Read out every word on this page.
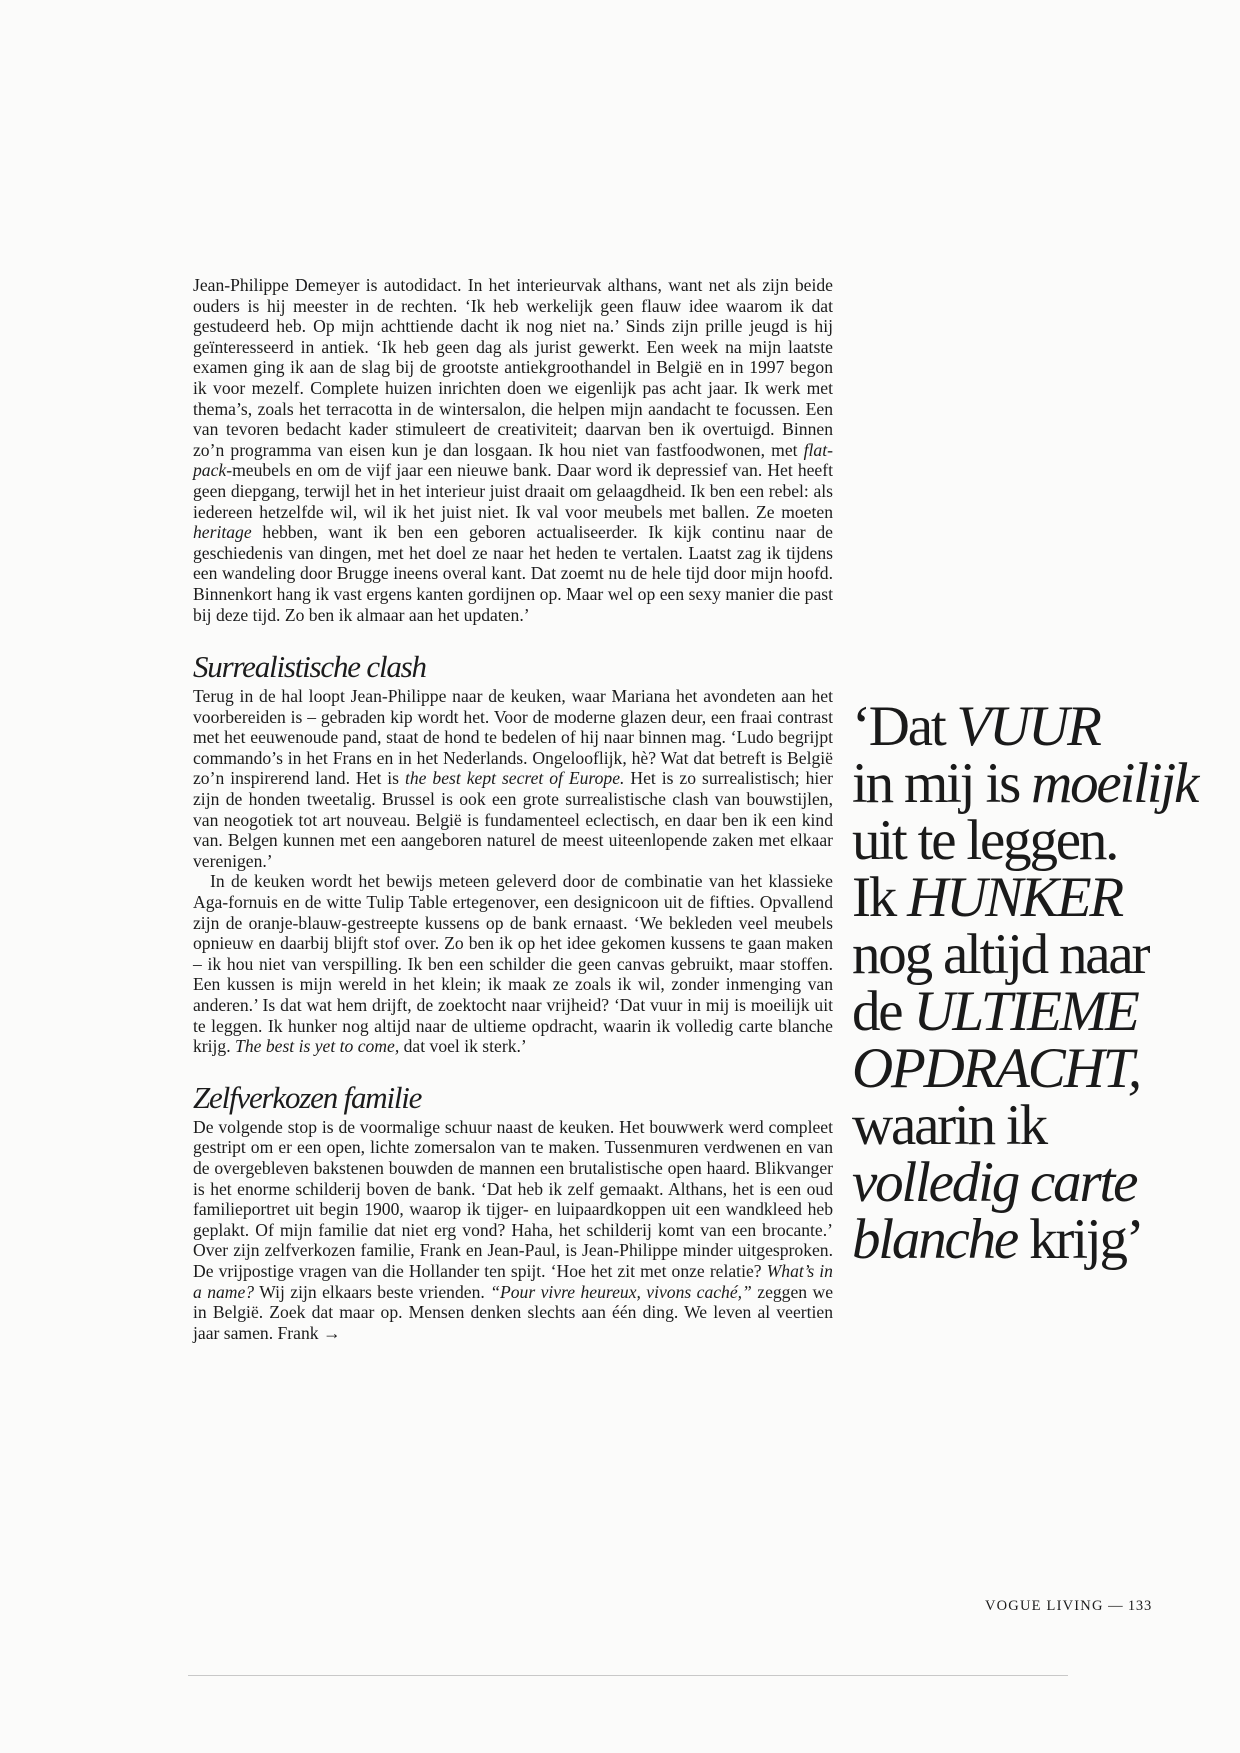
Jean-Philippe Demeyer is autodidact. In het interieurvak althans, want net als zijn beide ouders is hij meester in de rechten. ‘Ik heb werkelijk geen flauw idee waarom ik dat gestudeerd heb. Op mijn achttiende dacht ik nog niet na.’ Sinds zijn prille jeugd is hij geïnteresseerd in antiek. ‘Ik heb geen dag als jurist gewerkt. Een week na mijn laatste examen ging ik aan de slag bij de grootste antiekgroothandel in België en in 1997 begon ik voor mezelf. Complete huizen inrichten doen we eigenlijk pas acht jaar. Ik werk met thema’s, zoals het terracotta in de wintersalon, die helpen mijn aandacht te focussen. Een van tevoren bedacht kader stimuleert de creativiteit; daarvan ben ik overtuigd. Binnen zo’n programma van eisen kun je dan losgaan. Ik hou niet van fastfoodwonen, met flat-pack-meubels en om de vijf jaar een nieuwe bank. Daar word ik depressief van. Het heeft geen diepgang, terwijl het in het interieur juist draait om gelaagdheid. Ik ben een rebel: als iedereen hetzelfde wil, wil ik het juist niet. Ik val voor meubels met ballen. Ze moeten heritage hebben, want ik ben een geboren actualiseerder. Ik kijk continu naar de geschiedenis van dingen, met het doel ze naar het heden te vertalen. Laatst zag ik tijdens een wandeling door Brugge ineens overal kant. Dat zoemt nu de hele tijd door mijn hoofd. Binnenkort hang ik vast ergens kanten gordijnen op. Maar wel op een sexy manier die past bij deze tijd. Zo ben ik almaar aan het updaten.’

Surrealistische clash

Terug in de hal loopt Jean-Philippe naar de keuken, waar Mariana het avondeten aan het voorbereiden is – gebraden kip wordt het. Voor de moderne glazen deur, een fraai contrast met het eeuwenoude pand, staat de hond te bedelen of hij naar binnen mag. ‘Ludo begrijpt commando’s in het Frans en in het Nederlands. Ongelooflijk, hè? Wat dat betreft is België zo’n inspirerend land. Het is the best kept secret of Europe. Het is zo surrealistisch; hier zijn de honden tweetalig. Brussel is ook een grote surrealistische clash van bouwstijlen, van neogotiek tot art nouveau. België is fundamenteel eclectisch, en daar ben ik een kind van. Belgen kunnen met een aangeboren naturel de meest uiteenlopende zaken met elkaar verenigen.’

In de keuken wordt het bewijs meteen geleverd door de combinatie van het klassieke Aga-fornuis en de witte Tulip Table ertegenover, een designicoon uit de fifties. Opvallend zijn de oranje-blauw-gestreepte kussens op de bank ernaast. ‘We bekleden veel meubels opnieuw en daarbij blijft stof over. Zo ben ik op het idee gekomen kussens te gaan maken – ik hou niet van verspilling. Ik ben een schilder die geen canvas gebruikt, maar stoffen. Een kussen is mijn wereld in het klein; ik maak ze zoals ik wil, zonder inmenging van anderen.’ Is dat wat hem drijft, de zoektocht naar vrijheid? ‘Dat vuur in mij is moeilijk uit te leggen. Ik hunker nog altijd naar de ultieme opdracht, waarin ik volledig carte blanche krijg. The best is yet to come, dat voel ik sterk.’

Zelfverkozen familie

De volgende stop is de voormalige schuur naast de keuken. Het bouwwerk werd compleet gestript om er een open, lichte zomersalon van te maken. Tussenmuren verdwenen en van de overgebleven bakstenen bouwden de mannen een brutalistische open haard. Blikvanger is het enorme schilderij boven de bank. ‘Dat heb ik zelf gemaakt. Althans, het is een oud familieportret uit begin 1900, waarop ik tijger- en luipaardkoppen uit een wandkleed heb geplakt. Of mijn familie dat niet erg vond? Haha, het schilderij komt van een brocante.’ Over zijn zelfverkozen familie, Frank en Jean-Paul, is Jean-Philippe minder uitgesproken. De vrijpostige vragen van die Hollander ten spijt. ‘Hoe het zit met onze relatie? What’s in a name? Wij zijn elkaars beste vrienden. “Pour vivre heureux, vivons caché,” zeggen we in België. Zoek dat maar op. Mensen denken slechts aan één ding. We leven al veertien jaar samen. Frank →

‘Dat VUUR
in mij is moeilijk
uit te leggen.
Ik HUNKER
nog altijd naar
de ULTIEME
OPDRACHT,
waarin ik
volledig carte
blanche krijg’
VOGUE LIVING — 133
